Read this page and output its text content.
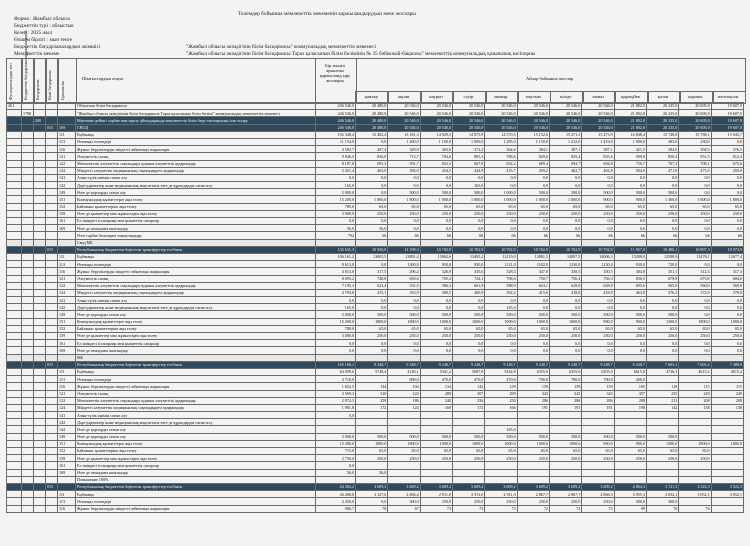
Толемдер бойынша мемлекеттiк мекеменiн каржыландырудын жеке жоспары
Форма : Жамбыл облысы
Бюджеттiн турi : облыстык
Кезен : 2025 жыл
Өлшем бiрлiгi : мын тенге
Бюджеттiк бағдарламалардын әкiмшiсi
Мемлекеттiк мекеме
"Жамбыл облысы әкiмдiгiнiн бiлiм басқармасы" коммунальдық мемлекеттiк мекемесi
"Жамбыл облысы әкiмдiгiнiн бiлiм басқармасы Тараз қаласынын бiлiм бөлiмiнiн № 35 бөбекжай-бақшасы" мемлекеттiк коммунальдық қазыналық кәсiпорны
Функционалдык топ Бюджеттiк бағдарламалардың әкiмшiсi Бағдарлама Кiшi бағдарлама Ерекшелiк
Шығыстардын атауы
Бiр жылға арналған қаржыланд ыру жоспары	Айлар бойынша жоспар
қантар	ақпан	наурыз	сәуiр	мамыр	маусым	шiлде	тамыз	қыркүйек	қазан	қараша	желтоқсан
261					Облыстык бiлiм басқармасы	246 546,0	20 480,0	20 546,0	20 546,0	20 546,0	20 546,0	20 546,0	20 546,0	20 546,0	21 802,0	20 235,0	20 605,0	19 607,0
	1788				"Жамбыл облысы әкiмдiгiнiн бiлiм басқармасы Тараз қаласынын бiлiм бөлiмi" коммунальдық мемлекеттiк мекемесi	246 546,0	20 480,0	20 546,0	20 546,0	20 546,0	20 546,0	20 546,0	20 546,0	20 546,0	21 802,0	20 235,0	20 605,0	19 607,0
		200			Мектепке дейiнгi тәрбие мен оқыту ұйымдарында мемлекеттiк білім беру тапсырысын iске асыру	246 546,0	20 480,0	20 546,0	20 546,0	20 546,0	20 546,0	20 546,0	20 546,0	20 546,0	21 802,0	20 235,0	20 605,0	19 607,0
			015	169	СВОД	246 546,0	20 480,0	20 546,0	20 546,0	20 546,0	20 546,0	20 546,0	20 546,0	20 546,0	21 802,0	20 235,0	20 605,0	19 607,0
				111	Еңбекақы	192 348,4	15 482,4	13 181,3	14 929,5	14 875,9	14 570,5	15 152,6	15 471,3	15 473,9	16 848,4	15 748,8	15 768,1	15 045,7
				113	Өтемақы төлемдерi	11 154,0	0,0	1 400,0	1 100,0	1 000,0	1 285,0	1 150,0	1 412,0	1 419,0	1 000,0	383,0	230,0	0,0
				116	Жұмыс берушiлердiн мiндеттi зейнетақы жарналары	4 502,7	207,4	329,9	363,6	372,2	364,6	384,1	387,1	387,1	421,5	394,0	394,5	376,5
				121	Әлеуметтiк салық	9 846,5	836,0	713,7	784,6	805,3	786,6	829,0	835,4	835,6	909,8	850,4	851,5	812,4
				122	Мемлекеттiк әлеуметтiк сақтандыру қорына әлеуметтiк аударымдар	8 187,8	695,2	591,7	652,3	667,9	654,2	689,4	694,7	694,8	756,7	707,2	708,1	675,6
				124	Мiндеттi әлеуметтiк медициналық сақтандыруға аударымдар	5 451,4	463,0	394,0	434,5	444,9	435,7	459,2	462,7	462,8	504,0	471,0	471,6	450,0
				141	Азық-түлiк өнiмiн сатып алу	0,0	0,0	0,0	0,0	0,0	0,0	0,0	0,0	0,0	0,0	0,0	0,0	0,0
				142	Дәрi-дәрмектер және медициналық мақсаттағы өзге де құралдарды сатып алу	165,0	0,0	0,0	0,0	165,0	0,0	0,0	0,0	0,0	0,0	0,0	0,0	0,0
				149	Өзге де қорларды сатып алу	5 000,0	0,0	500,0	500,0	500,0	1 000,0	500,0	500,0	500,0	500,0	500,0	0,0	0,0
				151	Коммуналдық қызметтерге ақы төлеу	15 200,0	1 800,0	1 800,0	1 000,0	1 000,0	1 000,0	1 000,0	1 000,0	900,0	900,0	1 300,0	1 800,0	1 800,0
				152	Байланыс қызметтерiне ақы төлеу	780,0	65,0	65,0	65,0	65,0	65,0	65,0	65,0	65,0	65,0	65,0	65,0	65,0
				159	Өзге де қызметтер мен жұмыстарға ақы төлеу	3 000,0	250,0	250,0	250,0	250,0	250,0	250,0	250,0	250,0	250,0	250,0	250,0	250,0
				161	Ел iшiндегi iссапарлар мен қызметтiк сапарлар	0,0	0,0	0,0	0,0	0,0	0,0	0,0	0,0	0,0	0,0	0,0	0,0	0,0
				169	Өзге де ағымдағы шығындар	56,0	56,0	0,0	0,0	0,0	0,0	0,0	0,0	0,0	0,0	0,0	0,0	0,0
					Өзге тәрбие балаларға тамақтандыру	792	66	66	66	66	66	66	66	66	66	66	66	66
					Свод МБ													
			015		Республикалық бюджеттен берiлетiн трансферттер есебiнен	135 631,3	10 930,8	11 298,3	10 702,9	10 702,9	10 702,9	10 702,9	10 702,9	10 702,9	11 957,0	10 486,1	10 897,3	10 973,9
				111	Еңбекақы	106 161,2	13005,5	13891,4	13062,6	13495,2	12119,0	12801,5	14097,5	14006,3	15288,0	12588,9	12478,1	12677,4
				113	Өтемақы төлемдерi	9 613,0	0,0	1300,0	950,0	950,0	1121,0	1182,0	1230,0	1230,0	930,0	720,0	0,0	0,0
				116	Жұмыс берушiлердiн мiндеттi зейнетақы жарналары	4 013,0	317,5	296,4	326,9	335,6	328,3	347,0	358,5	350,5	384,8	351,1	312,3	317,3
				121	Әлеуметтiк салық	8 695,2	748,8	639,6	705,4	724,1	708,4	750,7	756,4	756,3	836,5	679,8	673,8	684,6
				122	Мемлекеттiк әлеуметтiк сақтандыру қорына әлеуметтiк аударымдар	7 195,3	623,4	531,5	586,3	601,9	588,9	624,1	628,8	628,8	695,6	565,0	560,0	569,0
				124	Мiндеттi әлеуметтiк медициналық сақтандыруға аударымдар	4 793,8	415,1	353,9	390,5	400,9	392,2	415,6	418,8	418,8	463,0	376,2	372,9	378,9
				141	Азық-түлiк өнiмiн сатып алу	0,0	0,0	0,0	0,0	0,0	0,0	0,0	0,0	0,0	0,0	0,0	0,0	0,0
				142	Дәрi-дәрмектер және медициналық мақсаттағы өзге де құралдарды сатып алу	165,0	0,0	0,0	0,0	0,0	165,0	0,0	0,0	0,0	0,0	0,0	0,0	0,0
				149	Өзге де қорларды сатып алу	5 000,0	500,0	500,0	500,0	500,0	500,0	500,0	500,0	500,0	500,0	500,0	0,0	0,0
				151	Коммуналдық қызметтерге ақы төлеу	15 200,0	1800,0	1800,0	1000,0	1000,0	1000,0	1000,0	1000,0	900,0	900,0	1300,0	1800,0	1800,0
				152	Байланыс қызметтерiне ақы төлеу	780,0	65,0	65,0	65,0	65,0	65,0	65,0	65,0	65,0	65,0	65,0	65,0	65,0
				159	Өзге де қызметтер мен жұмыстарға ақы төлеу	3 000,0	250,0	250,0	250,0	250,0	250,0	250,0	250,0	250,0	250,0	250,0	250,0	250,0
				161	Ел iшiндегi iссапарлар мен қызметтiк сапарлар	0,0	0,0	0,0	0,0	0,0	0,0	0,0	0,0	0,0	0,0	0,0	0,0	0,0
				169	Өзге де ағымдағы шығындар	0,0	0,0	0,0	0,0	0,0	0,0	0,0	0,0	0,0	0,0	0,0	0,0	0,0
					МБ													
			015		Республикалық бюджеттен берiлетiн трансферттер есебiнен	105 186,1	9 248,7	9 248,7	9 248,7	9 248,7	9 248,7	9 248,7	9 248,7	9 248,7	9 248,7	7 603,2	7 603,2	7 488,9
				111	Еңбекақы	64 099,6	5748,4	4140,1	5341,2	5687,8	5544,8	6355,0	6355,0	6355,0	6615,0	4726,3	4615,2	4615,2
				113	Өтемақы төлемдерi	4 710,0		800,0	470,0	470,0	470,0	700,0	700,0	700,0	400,0			
				116	Жұмыс берушiлердiн мiндеттi зейнетақы жарналары	1 652,5	144	104	134	142	139	159	159	159	165	118	115	115
				121	Әлеуметтiк салық	3 569,3	310	224	288	307	299	343	343	343	357	255	249	249
				122	Мемлекеттiк әлеуметтiк сақтандыру қорына әлеуметтiк аударымдар	2 974,5	259	186	240	256	250	286	286	286	298	213	208	208
				124	Мiндеттi әлеуметтiк медициналық сақтандыруға аударымдар	1 981,8	172	124	160	172	166	191	191	191	198	142	138	138
				141	Азық-түлiк өнiмiн сатып алу	0,0												
				142	Дәрi-дәрмектер және медициналық мақсаттағы өзге де құралдарды сатып алу													
				144	Өзге де қорларды сатып алу						165,0							
				149	Өзге де қорларды сатып алу	5 000,0	500,0	500,0	500,0	500,0	500,0	500,0	500,0	500,0	500,0	500,0		
				151	Коммуналдық қызметтерге ақы төлеу	15 490,0	1800,0	1800,0	1000,0	1000,0	1000,0	1000,0	1000,0	900,0	900,0	1300,0	1800,0	1800,0
				152	Байланыс қызметтерiне ақы төлеу	715,0	65,0	65,0	65,0	65,0	65,0	65,0	65,0	65,0	65,0	65,0	65,0	
				159	Өзге де қызметтер мен жұмыстарға ақы төлеу	2 750,0	250,0	250,0	250,0	250,0	250,0	250,0	250,0	250,0	250,0	250,0	250,0	
				161	Ел iшiндегi iссапарлар мен қызметтiк сапарлар	0,0												
				169	Өзге де ағымдағы шығындар	56,0	56,0											
					Повышение 100%													
			015		Республикалық бюджеттен берiлетiн трансферттер есебiнен	44 304,2	3 609,2	3 609,2	3 609,2	3 609,2	3 609,2	3 609,2	3 609,2	3 609,2	4 864,4	3 721,3	3 522,3	3 522,3
				111	Еңбекақы	36 268,8	3 127,6	2 694,4	2 911,0	2 911,0	2 911,0	2 867,7	2 867,7	2 866,5	3 955,3	3 052,1	3 052,1	3 052,1
				113	Өтемақы төлемдерi	2 450,0	0,0	300,0	250,0	250,0	250,0	250,0	250,0	250,0	300,0	300,0		
				116	Жұмыс берушiлердiн мiндеттi зейнетақы жарналары	906,7	78	67	73	73	73	72	72	72	99	76	76	
